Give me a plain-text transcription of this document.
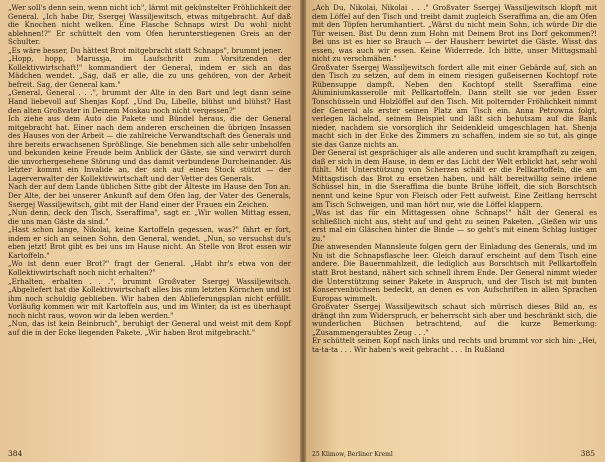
„Wer soll's denn sein, wenn nicht ich", lärmt mit gekünstelter Fröhlichkeit der General. „Ich habe Dir, Ssergej Wassiljewitsch, etwas mitgebracht. Auf daß die Knochen nicht welken. Eine Flasche Schnaps wirst Du wohl nicht ablehnen!?" Er schüttelt den vom Ofen herunterstiegenen Greis an der Schulter.

„Es wäre besser, Du hättest Brot mitgebracht statt Schnaps", brummt jener.

„Hopp, hopp, Marussja, im Laufschritt zum Vorsitzenden der Kollektivwirtschaft!" kommandiert der General, indem er sich an das Mädchen wendet. „Sag, daß er alle, die zu uns gehören, von der Arbeit befreit. Sag, der General kam."

„General, General . . .", brummt der Alte in den Bart und legt dann seine Hand liebevoll auf Shenjas Kopf. „Und Du, Libelle, blühst und blühst? Hast den alten Großvater in Deinem Moskau noch nicht vergessen?"

Ich ziehe aus dem Auto die Pakete und Bündel heraus, die der General mitgebracht hat. Einer nach dem anderen erscheinen die übrigen Insassen des Hauses von der Arbeit — die zahlreiche Verwandtschaft des Generals und ihre bereits erwachsenen Sprößlinge. Sie benehmen sich alle sehr unbeholfen und bekunden keine Freude beim Anblick der Gäste, sie sind verwirrt durch die unvorhergesehene Störung und das damit verbundene Durcheinander. Als letzter kommt ein Invalide an, der sich auf einen Stock stützt — der Lagerverwalter der Kollektivwirtschaft und der Vetter des Generals.

Nach der auf dem Lande üblichen Sitte gibt der Älteste im Hause den Ton an. Der Alte, der bei unserer Ankunft auf dem Ofen lag, der Vater des Generals, Ssergej Wassiljewitsch, gibt mit der Hand einer der Frauen ein Zeichen.

„Nun denn, deck den Tisch, Sseraffima", sagt er. „Wir wollen Mittag essen, die uns man Gäste da sind."

„Hast schon lange, Nikolai, keine Kartoffeln gegessen, was?" fährt er fort, indem er sich an seinen Sohn, den General, wendet. „Nun, so versuchst du's eben jetzt! Brot gibt es bei uns im Hause nicht. An Stelle von Brot essen wir Kartoffeln."

„Wo ist denn euer Brot?" fragt der General. „Habt ihr's etwa von der Kollektivwirtschaft noch nicht erhalten?"

„Erhalten, erhalten . . .", brummt Großvater Ssergej Wassiljewitsch. „Abgeliefert hat die Kollektivwirtschaft alles bis zum letzten Körnchen und ist ihm noch schuldig geblieben. Wir haben den Ablieferungsplan nicht erfüllt. Vorläufig kommen wir mit Kartoffeln aus, und im Winter, da ist es überhaupt noch nicht raus, wovon wir da leben werden."

„Nun, das ist kein Beinbruch", beruhigt der General und weist mit dem Kopf auf die in der Ecke liegenden Pakete. „Wir haben Brot mitgebracht."

384

„Ach Du, Nikolai, Nikolai . . ." Großvater Ssergej Wassiljewitsch klopft mit dem Löffel auf den Tisch und treibt damit zugleich Sseraffima an, die am Ofen mit den Töpfen herumhantiert. „Wärst du nicht mein Sohn, ich würde Dir die Tür weisen. Bist Du denn zum Hohn mit Deinem Brot ins Dorf gekommen?! Bei uns ist es hier so Brauch — der Hausherr bewirtet die Gäste. Wisst das essen, was auch wir essen. Keine Widerrede. Ich bitte, unser Mittagsmahl nicht zu verschmähen."

Großvater Ssergej Wassiljewitsch fordert alle mit einer Gebärde auf, sich an den Tisch zu setzen, auf dem in einem riesigen gußeisernen Kochtopf rote Rübensuppe dampft. Neben den Kochtopf stellt Sseraffima eine Aluminiumkasserolle mit Pellkartoffeln. Dann stellt sie vor jeden Esser Tonschüsseln und Holzlöffel auf den Tisch. Mit polternder Fröhlichkeit nimmt der General als erster seinen Platz am Tisch ein. Anna Petrowna folgt, verlegen lächelnd, seinem Beispiel und läßt sich behutsam auf die Bank nieder, nachdem sie vorsorglich ihr Seidenkleid umgeschlagen hat. Shenja macht sich in der Ecke des Zimmers zu schaffen, indem sie so tut, als ginge sie das Ganze nichts an.

Der General ist gesprächiger als alle anderen und sucht krampfhaft zu zeigen, daß er sich in dem Hause, in dem er das Licht der Welt erblickt hat, sehr wohl fühlt. Mit Unterstützung von Scherzen schält er die Pellkartoffeln, die am Mittagstisch das Brot zu ersetzen haben, und hält bereitwillig seine irdene Schüssel hin, in die Sseraffima die bunte Brühe löffelt, die sich Borschtsch nennt und keine Spur von Fleisch oder Fett aufweist. Eine Zeitlang herrscht am Tisch Schweigen, und man hört nur, wie die Löffel klappern.

„Was ist das für ein Mittagessen ohne Schnaps!" hält der General es schließlich nicht aus, steht auf und geht zu seinen Paketen. „Gießen wir uns erst mal ein Gläschen hinter die Binde — so geht's mit einem Schlag lustiger zu."

Die anwesenden Mannsleute folgen gern der Einladung des Generals, und im Nu ist die Schnapsflasche leer. Gleich darauf erscheint auf dem Tisch eine andere. Die Bauernmahlzeit, die lediglich aus Borschtsch mit Pellkartoffeln statt Brot bestand, nähert sich schnell ihrem Ende. Der General nimmt wieder die Unterstützung seiner Pakete in Anspruch, und der Tisch ist mit bunten Konservenbüchsen bedeckt, an denen es von Aufschriften in allen Sprachen Europas wimmelt.

Großvater Ssergej Wassiljewitsch schaut sich mürrisch dieses Bild an, es drängt ihn zum Widerspruch, er beherrscht sich aber und beschränkt sich, die wunderlichen Büchsen betrachtend, auf die kurze Bemerkung: „Zusammengeraubtes Zeug . . ."

Er schüttelt seinen Kopf nach links und rechts und brummt vor sich hin: „Hei, ta-ta-ta . . . Wir haben's weit gebracht . . . In Rußland

25 Klimow, Berliner Kreml	385
